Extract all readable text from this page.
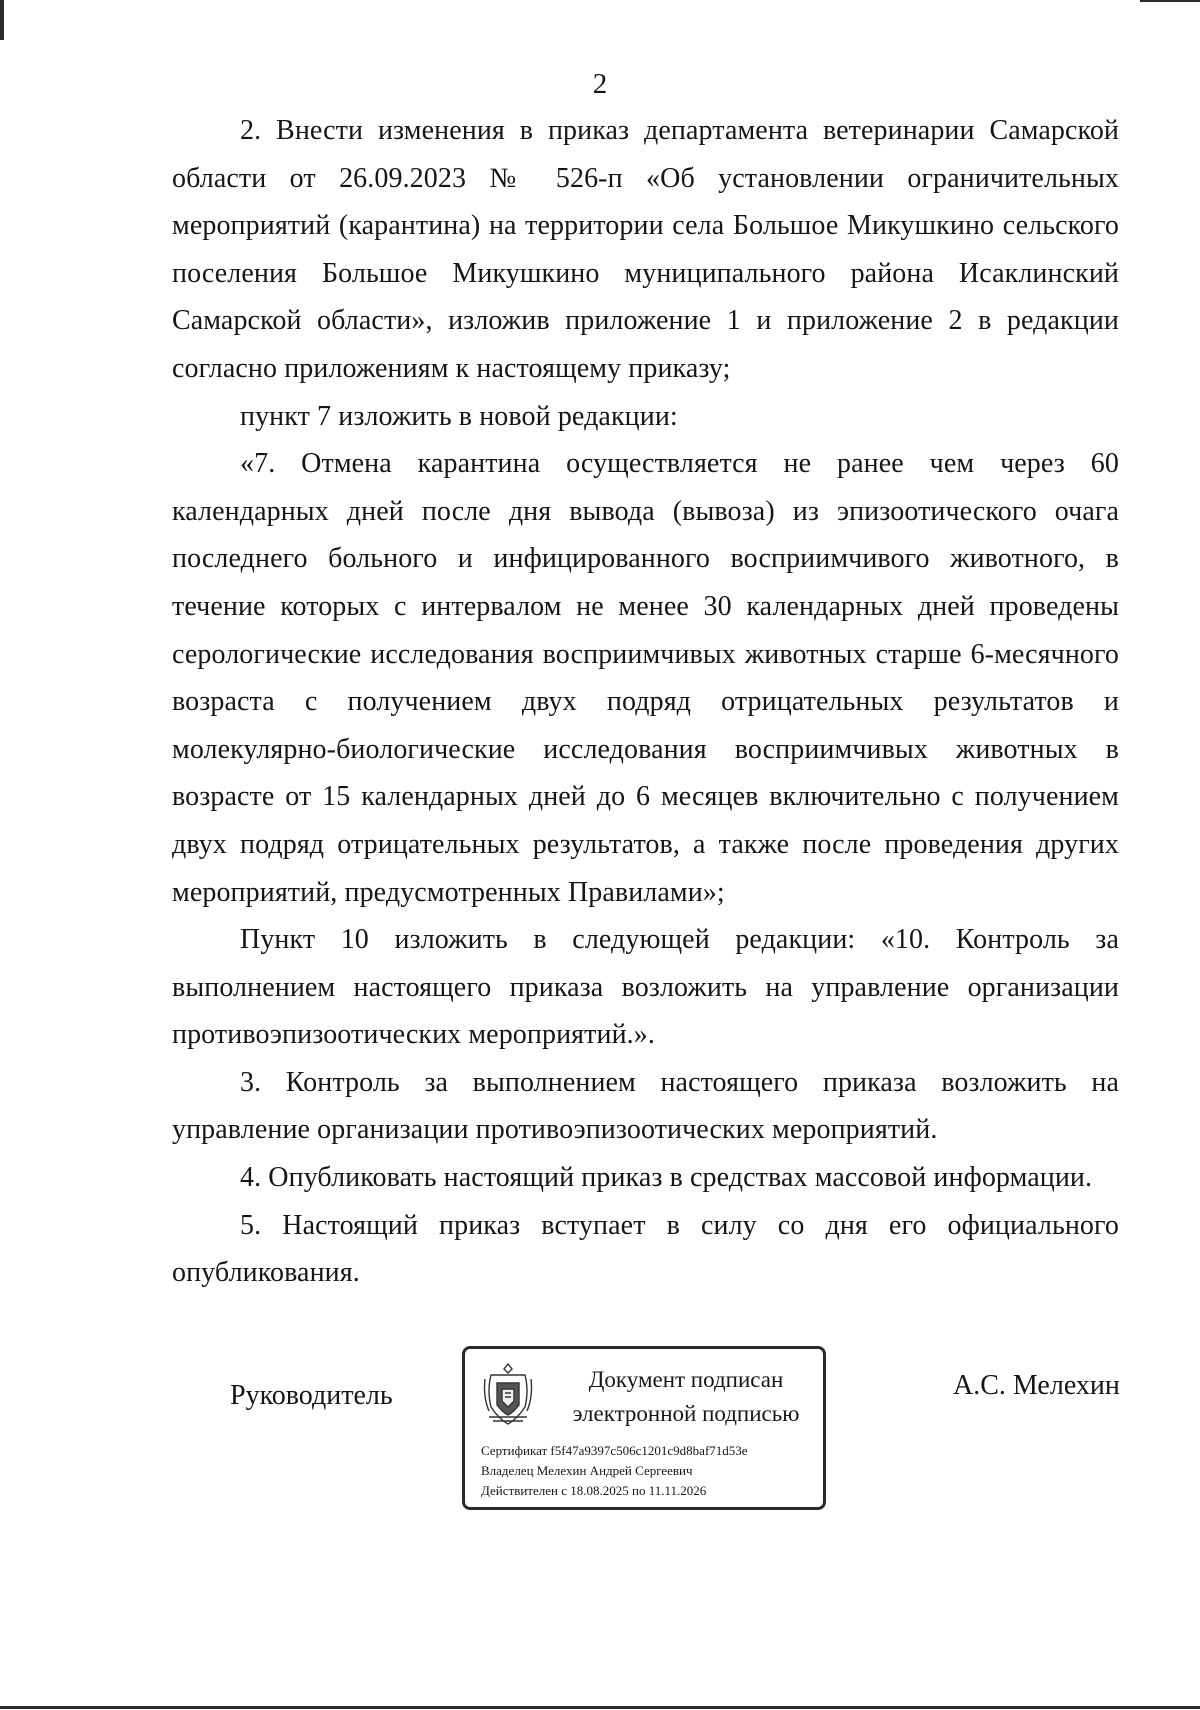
2

2. Внести изменения в приказ департамента ветеринарии Самарской области от 26.09.2023 № 526-п «Об установлении ограничительных мероприятий (карантина) на территории села Большое Микушкино сельского поселения Большое Микушкино муниципального района Исаклинский Самарской области», изложив приложение 1 и приложение 2 в редакции согласно приложениям к настоящему приказу;

пункт 7 изложить в новой редакции:

«7. Отмена карантина осуществляется не ранее чем через 60 календарных дней после дня вывода (вывоза) из эпизоотического очага последнего больного и инфицированного восприимчивого животного, в течение которых с интервалом не менее 30 календарных дней проведены серологические исследования восприимчивых животных старше 6-месячного возраста с получением двух подряд отрицательных результатов и молекулярно-биологические исследования восприимчивых животных в возрасте от 15 календарных дней до 6 месяцев включительно с получением двух подряд отрицательных результатов, а также после проведения других мероприятий, предусмотренных Правилами»;

Пункт 10 изложить в следующей редакции: «10. Контроль за выполнением настоящего приказа возложить на управление организации противоэпизоотических мероприятий.».

3. Контроль за выполнением настоящего приказа возложить на управление организации противоэпизоотических мероприятий.

4. Опубликовать настоящий приказ в средствах массовой информации.

5. Настоящий приказ вступает в силу со дня его официального опубликования.

Руководитель
Документ подписан
электронной подписью
Сертификат f5f47a9397c506c1201c9d8baf71d53e
Владелец Мелехин Андрей Сергеевич
Действителен с 18.08.2025 по 11.11.2026
А.С. Мелехин
